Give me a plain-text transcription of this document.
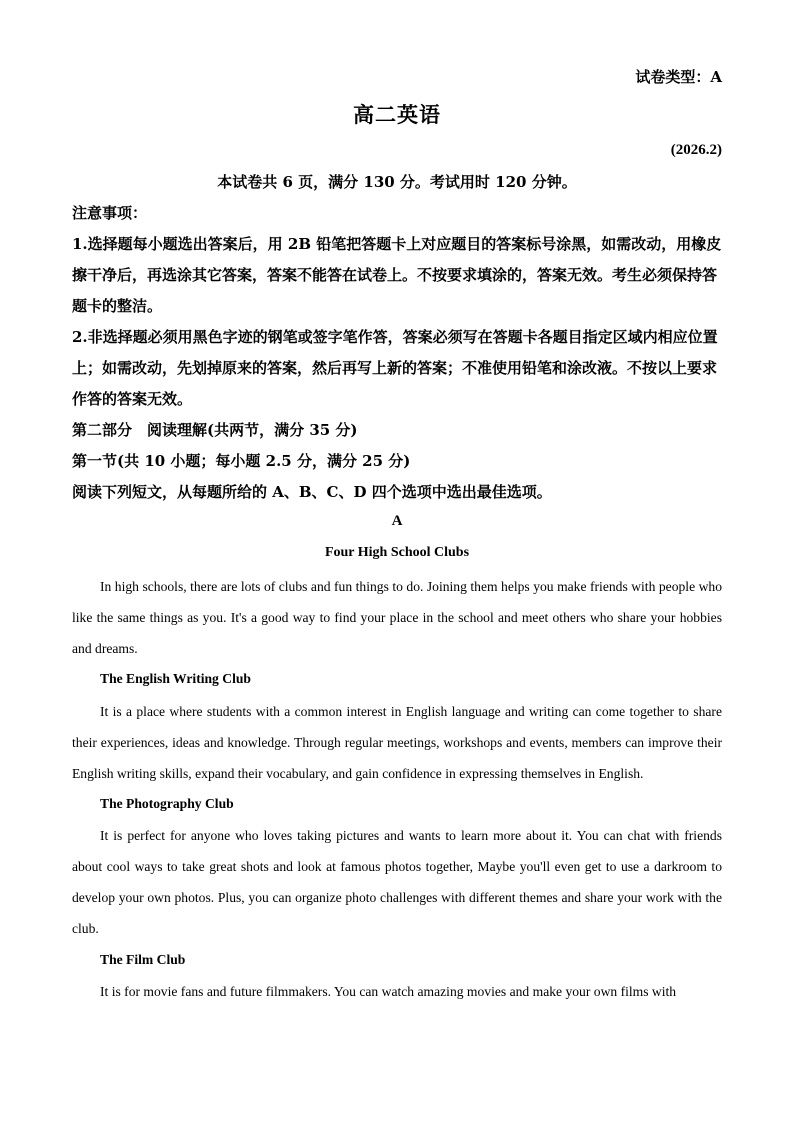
试卷类型：A
高二英语
(2026.2)
本试卷共 6 页，满分 130 分。考试用时 120 分钟。
注意事项：
1.选择题每小题选出答案后，用 2B 铅笔把答题卡上对应题目的答案标号涂黑，如需改动，用橡皮擦干净后，再选涂其它答案，答案不能答在试卷上。不按要求填涂的，答案无效。考生必须保持答题卡的整洁。
2.非选择题必须用黑色字迹的钢笔或签字笔作答，答案必须写在答题卡各题目指定区域内相应位置上；如需改动，先划掉原来的答案，然后再写上新的答案；不准使用铅笔和涂改液。不按以上要求作答的答案无效。
第二部分　阅读理解(共两节，满分 35 分)
第一节(共 10 小题；每小题 2.5 分，满分 25 分)
阅读下列短文，从每题所给的 A、B、C、D 四个选项中选出最佳选项。
A
Four High School Clubs
In high schools, there are lots of clubs and fun things to do. Joining them helps you make friends with people who like the same things as you. It's a good way to find your place in the school and meet others who share your hobbies and dreams.
The English Writing Club
It is a place where students with a common interest in English language and writing can come together to share their experiences, ideas and knowledge. Through regular meetings, workshops and events, members can improve their English writing skills, expand their vocabulary, and gain confidence in expressing themselves in English.
The Photography Club
It is perfect for anyone who loves taking pictures and wants to learn more about it. You can chat with friends about cool ways to take great shots and look at famous photos together, Maybe you'll even get to use a darkroom to develop your own photos. Plus, you can organize photo challenges with different themes and share your work with the club.
The Film Club
It is for movie fans and future filmmakers. You can watch amazing movies and make your own films with
